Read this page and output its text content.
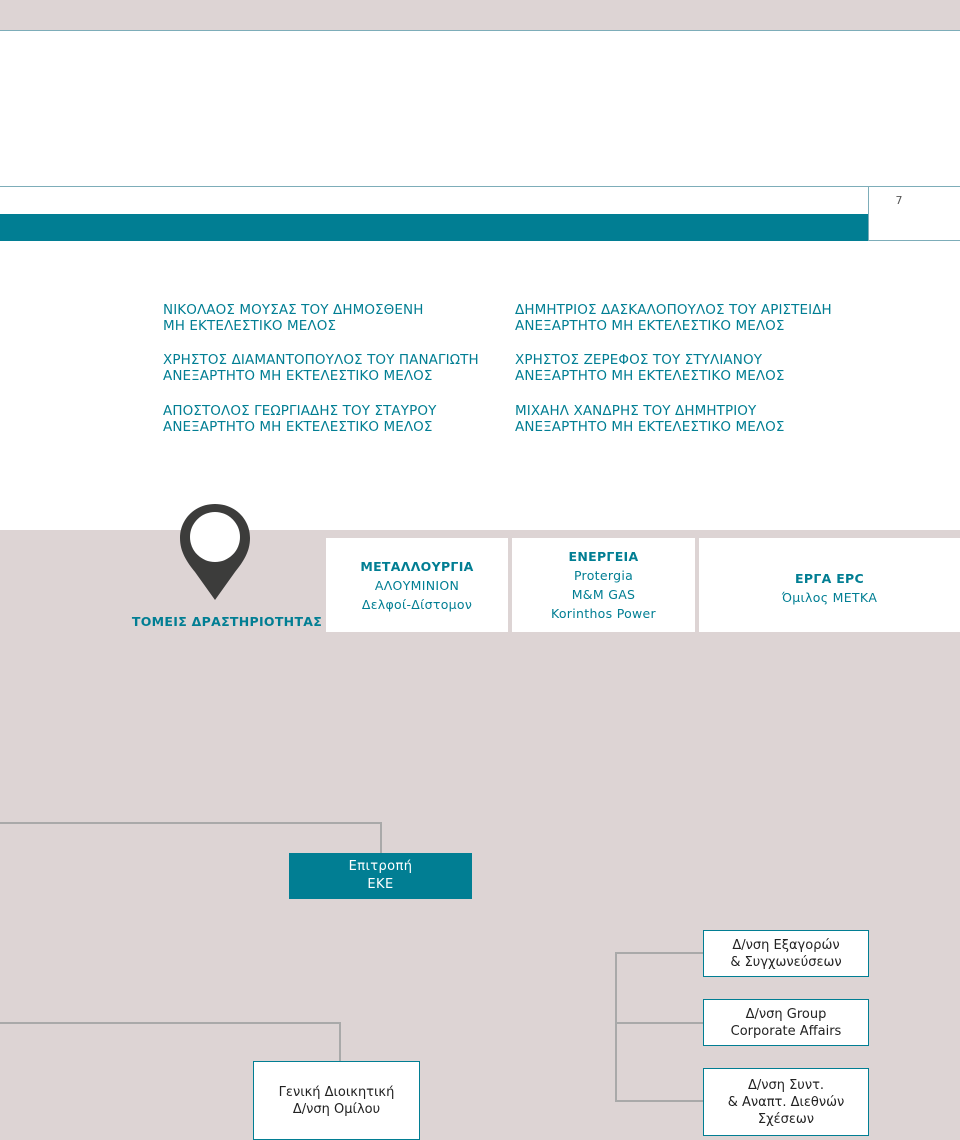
7
ΝΙΚΟΛΑΟΣ ΜΟΥΣΑΣ ΤΟΥ ΔΗΜΟΣΘΕΝΗ
ΜΗ ΕΚΤΕΛΕΣΤΙΚΟ ΜΕΛΟΣ
ΧΡΗΣΤΟΣ ΔΙΑΜΑΝΤΟΠΟΥΛΟΣ ΤΟΥ ΠΑΝΑΓΙΩΤΗ
ΑΝΕΞΑΡΤΗΤΟ ΜΗ ΕΚΤΕΛΕΣΤΙΚΟ ΜΕΛΟΣ
ΑΠΟΣΤΟΛΟΣ ΓΕΩΡΓΙΑΔΗΣ ΤΟΥ ΣΤΑΥΡΟΥ
ΑΝΕΞΑΡΤΗΤΟ ΜΗ ΕΚΤΕΛΕΣΤΙΚΟ ΜΕΛΟΣ
ΔΗΜΗΤΡΙΟΣ ΔΑΣΚΑΛΟΠΟΥΛΟΣ ΤΟΥ ΑΡΙΣΤΕΙΔΗ
ΑΝΕΞΑΡΤΗΤΟ ΜΗ ΕΚΤΕΛΕΣΤΙΚΟ ΜΕΛΟΣ
ΧΡΗΣΤΟΣ ΖΕΡΕΦΟΣ ΤΟΥ ΣΤΥΛΙΑΝΟΥ
ΑΝΕΞΑΡΤΗΤΟ ΜΗ ΕΚΤΕΛΕΣΤΙΚΟ ΜΕΛΟΣ
ΜΙΧΑΗΛ ΧΑΝΔΡΗΣ ΤΟΥ ΔΗΜΗΤΡΙΟΥ
ΑΝΕΞΑΡΤΗΤΟ ΜΗ ΕΚΤΕΛΕΣΤΙΚΟ ΜΕΛΟΣ
ΤΟΜΕΙΣ ΔΡΑΣΤΗΡΙΟΤΗΤΑΣ
ΜΕΤΑΛΛΟΥΡΓΙΑ
ΑΛΟΥΜΙΝΙΟΝ
Δελφοί-Δίστομον
ΕΝΕΡΓΕΙΑ
Protergia
M&M GAS
Korinthos Power
ΕΡΓΑ EPC
Όμιλος ΜΕΤΚΑ
Επιτροπή
ΕΚΕ
Γενική Διοικητική
Δ/νση Ομίλου
Δ/νση Εξαγορών
& Συγχωνεύσεων
Δ/νση Group
Corporate Affairs
Δ/νση Συντ.
& Αναπτ. Διεθνών
Σχέσεων
